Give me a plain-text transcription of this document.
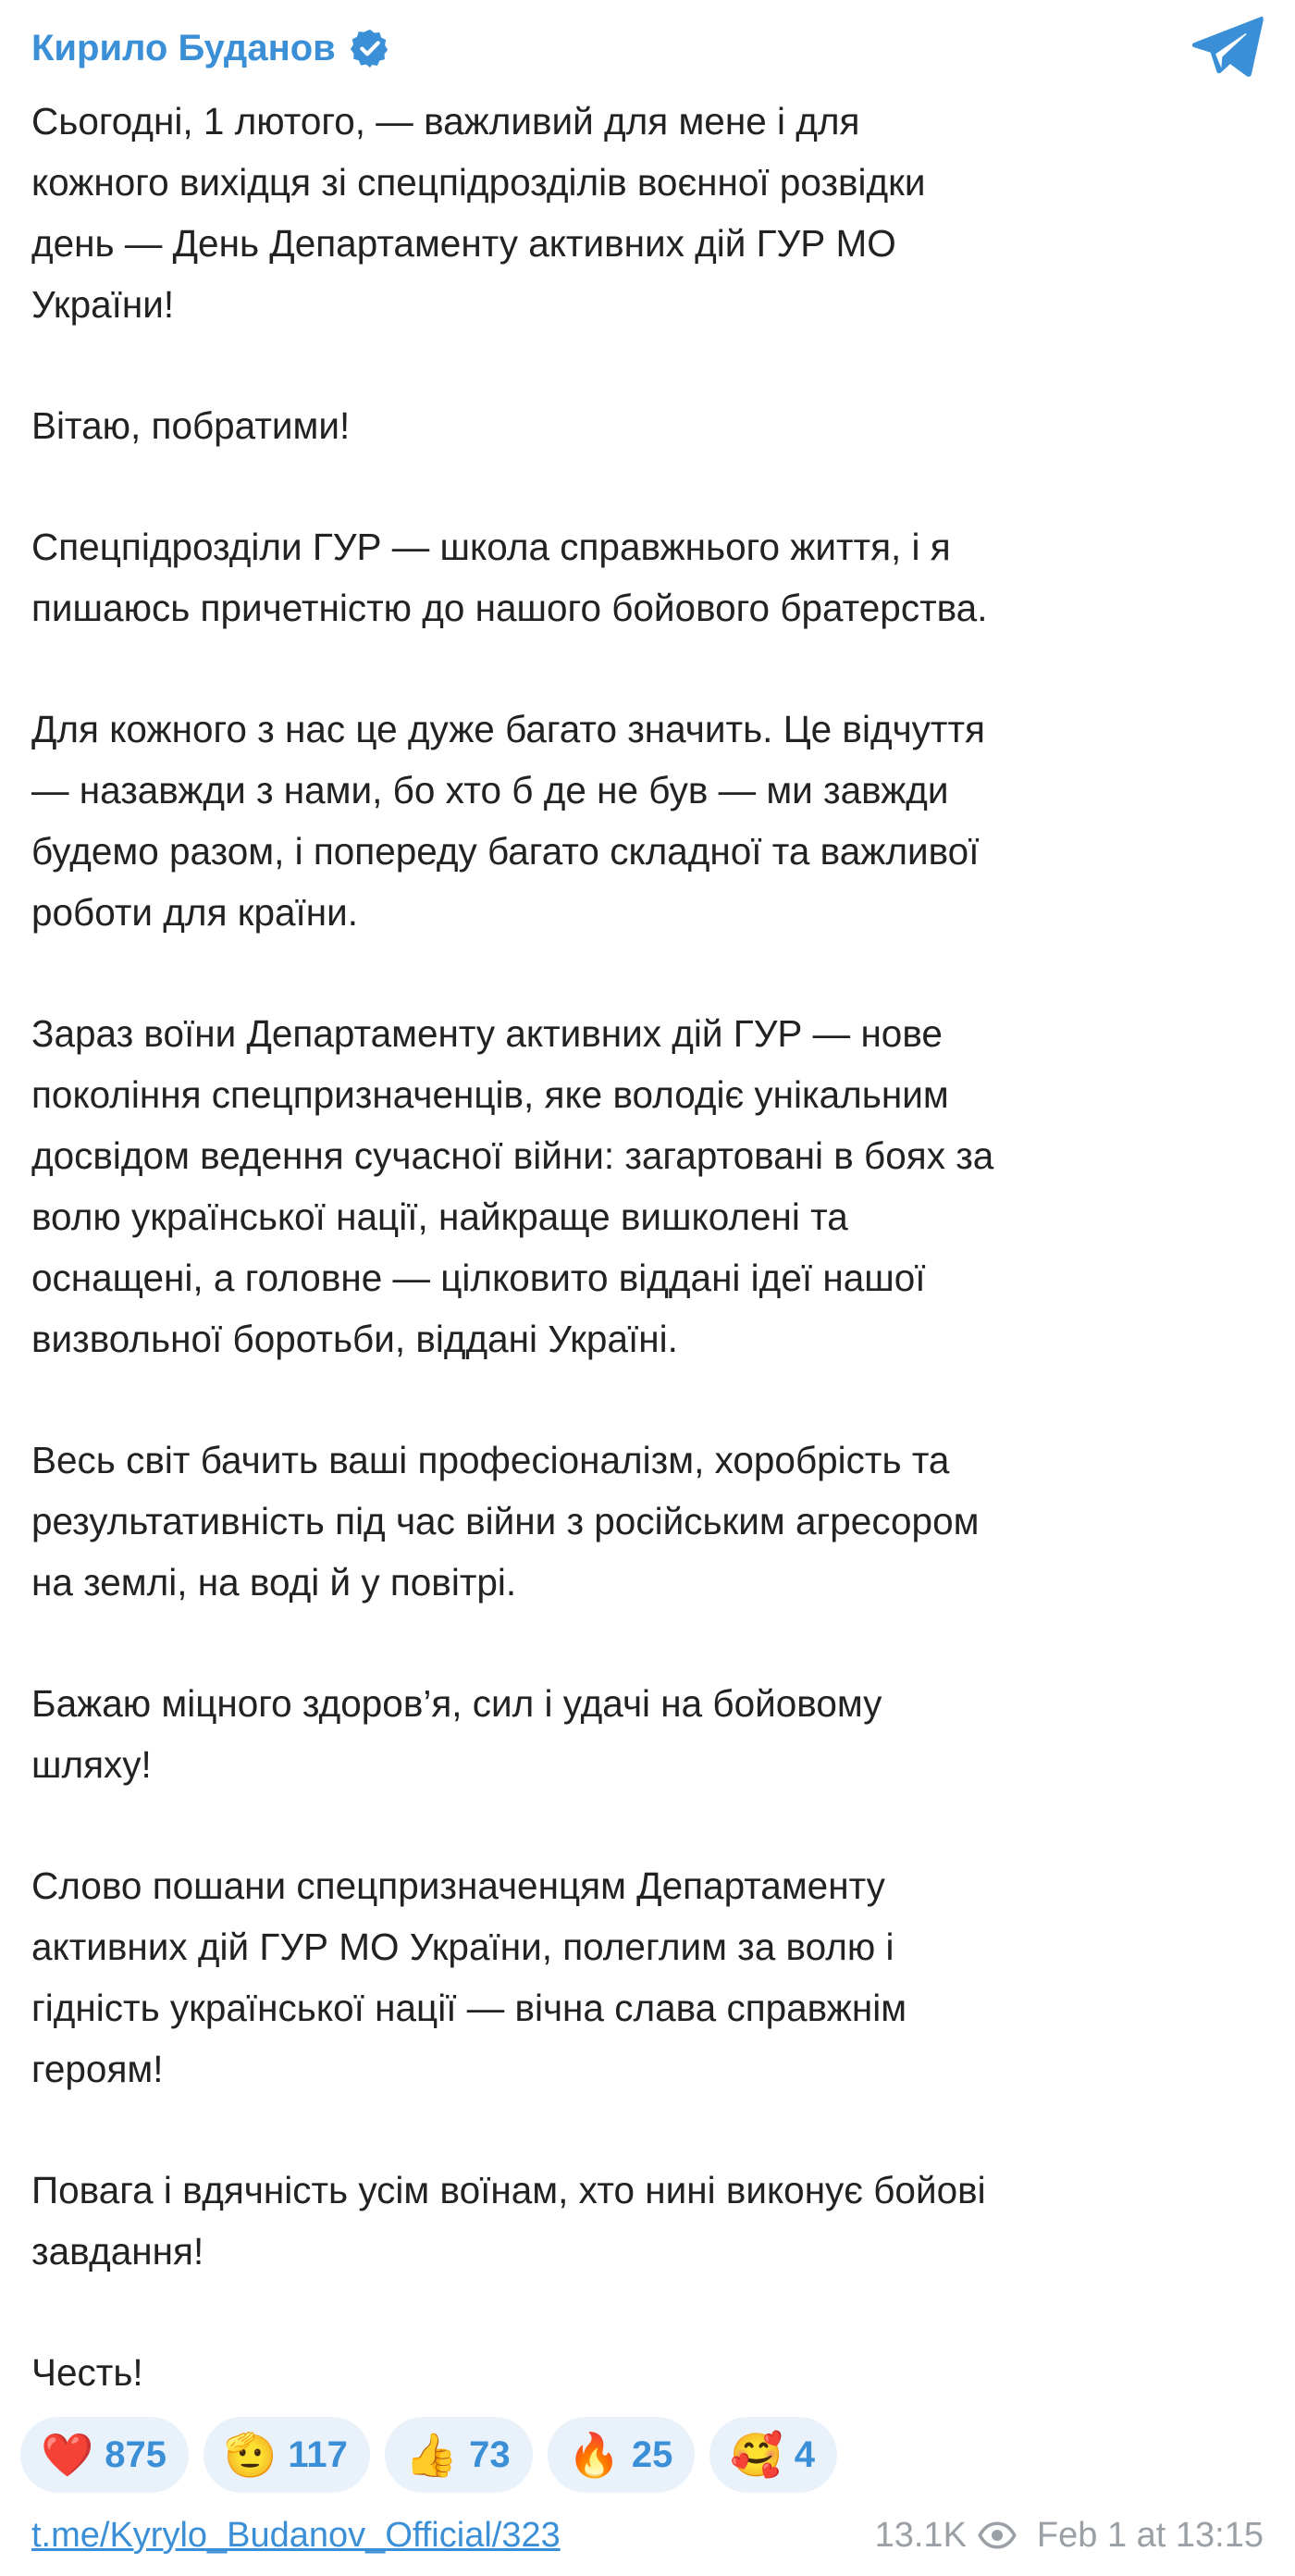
Кирило Буданов
Сьогодні, 1 лютого, — важливий для мене і для
кожного вихідця зі спецпідрозділів воєнної розвідки
день — День Департаменту активних дій ГУР МО
України!
Вітаю, побратими!
Спецпідрозділи ГУР — школа справжнього життя, і я
пишаюсь причетністю до нашого бойового братерства.
Для кожного з нас це дуже багато значить. Це відчуття
— назавжди з нами, бо хто б де не був — ми завжди
будемо разом, і попереду багато складної та важливої
роботи для країни.
Зараз воїни Департаменту активних дій ГУР — нове
покоління спецпризначенців, яке володіє унікальним
досвідом ведення сучасної війни: загартовані в боях за
волю української нації, найкраще вишколені та
оснащені, а головне — цілковито віддані ідеї нашої
визвольної боротьби, віддані Україні.
Весь світ бачить ваші професіоналізм, хоробрість та
результативність під час війни з російським агресором
на землі, на воді й у повітрі.
Бажаю міцного здоров’я, сил і удачі на бойовому
шляху!
Слово пошани спецпризначенцям Департаменту
активних дій ГУР МО України, полеглим за волю і
гідність української нації — вічна слава справжнім
героям!
Повага і вдячність усім воїнам, хто нині виконує бойові
завдання!
Честь!
❤️ 875 🫡 117 👍 73 🔥 25 🥰 4
t.me/Kyrylo_Budanov_Official/323	13.1K Feb 1 at 13:15
